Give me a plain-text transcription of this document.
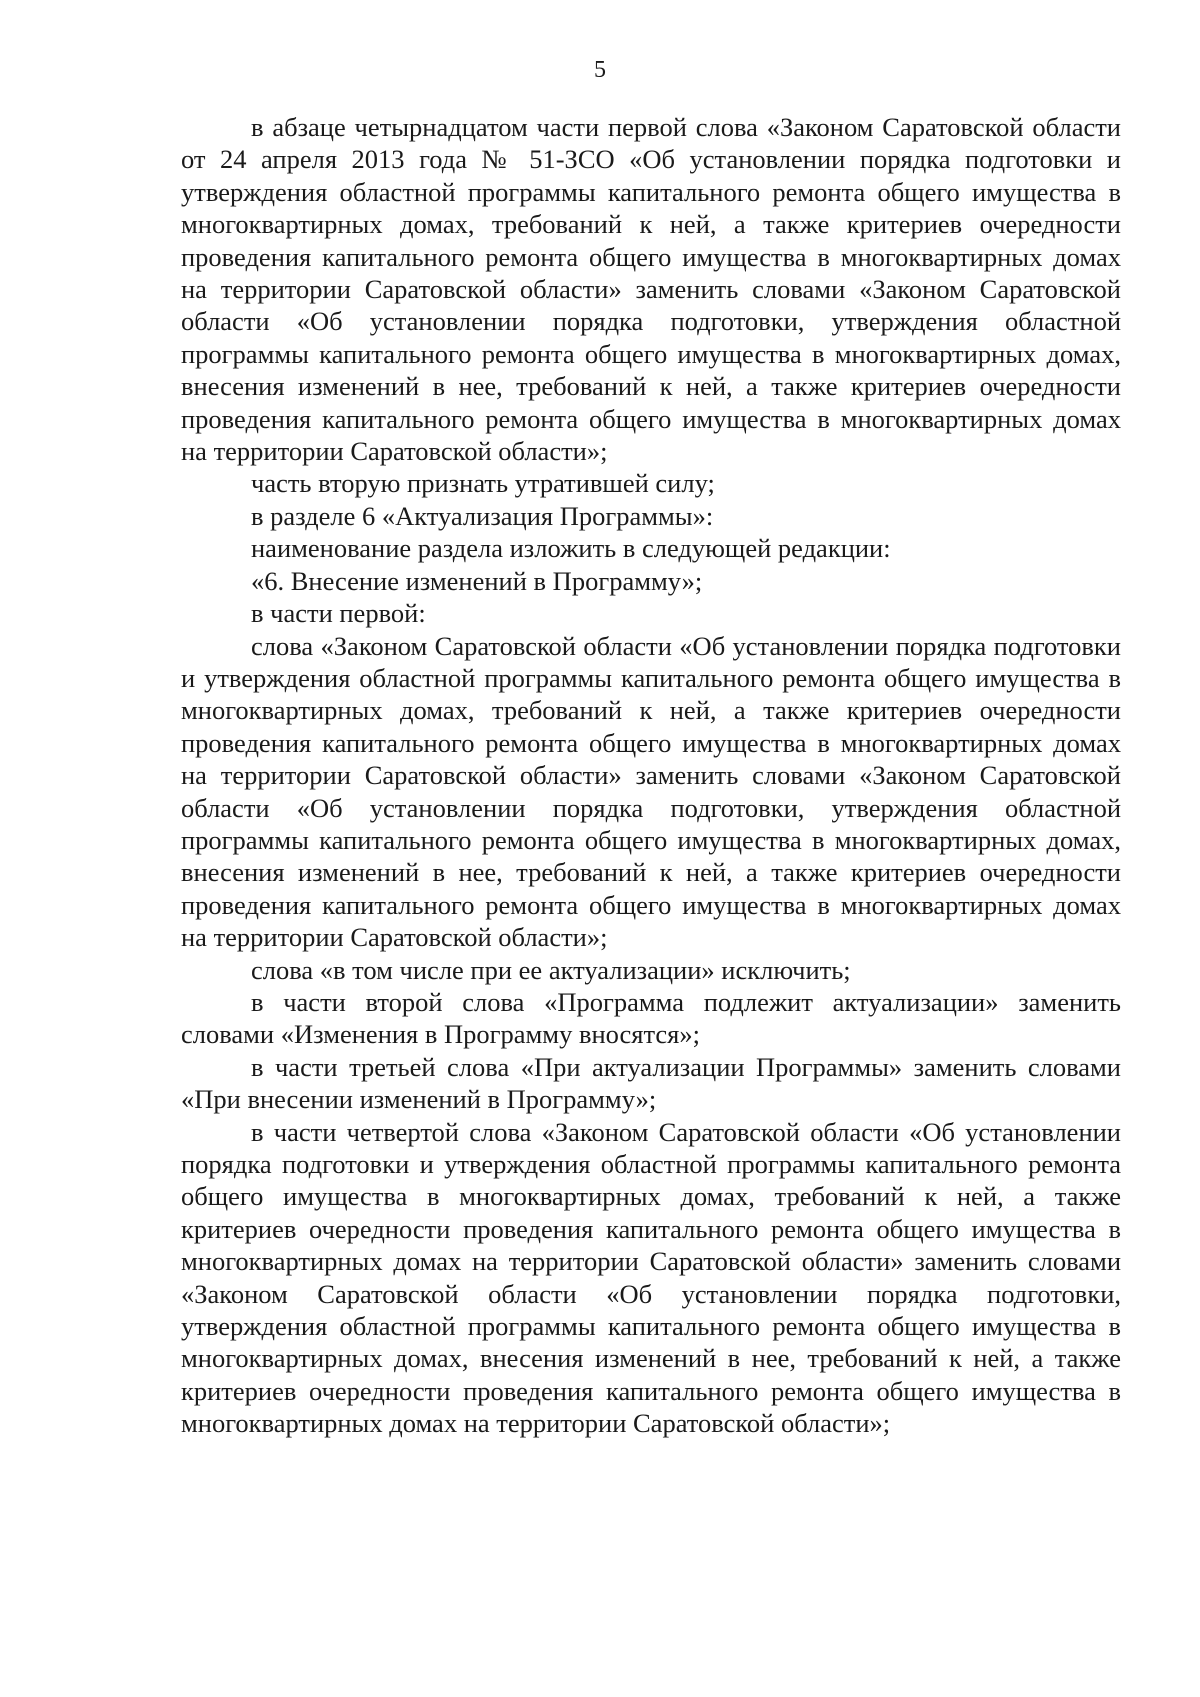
5

в абзаце четырнадцатом части первой слова «Законом Саратовской области от 24 апреля 2013 года № 51-ЗСО «Об установлении порядка подготовки и утверждения областной программы капитального ремонта общего имущества в многоквартирных домах, требований к ней, а также критериев очередности проведения капитального ремонта общего имущества в многоквартирных домах на территории Саратовской области» заменить словами «Законом Саратовской области «Об установлении порядка подготовки, утверждения областной программы капитального ремонта общего имущества в многоквартирных домах, внесения изменений в нее, требований к ней, а также критериев очередности проведения капитального ремонта общего имущества в многоквартирных домах на территории Саратовской области»;

часть вторую признать утратившей силу;

в разделе 6 «Актуализация Программы»:

наименование раздела изложить в следующей редакции:

«6. Внесение изменений в Программу»;

в части первой:

слова «Законом Саратовской области «Об установлении порядка подготовки и утверждения областной программы капитального ремонта общего имущества в многоквартирных домах, требований к ней, а также критериев очередности проведения капитального ремонта общего имущества в многоквартирных домах на территории Саратовской области» заменить словами «Законом Саратовской области «Об установлении порядка подготовки, утверждения областной программы капитального ремонта общего имущества в многоквартирных домах, внесения изменений в нее, требований к ней, а также критериев очередности проведения капитального ремонта общего имущества в многоквартирных домах на территории Саратовской области»;

слова «в том числе при ее актуализации» исключить;

в части второй слова «Программа подлежит актуализации» заменить словами «Изменения в Программу вносятся»;

в части третьей слова «При актуализации Программы» заменить словами «При внесении изменений в Программу»;

в части четвертой слова «Законом Саратовской области «Об установлении порядка подготовки и утверждения областной программы капитального ремонта общего имущества в многоквартирных домах, требований к ней, а также критериев очередности проведения капитального ремонта общего имущества в многоквартирных домах на территории Саратовской области» заменить словами «Законом Саратовской области «Об установлении порядка подготовки, утверждения областной программы капитального ремонта общего имущества в многоквартирных домах, внесения изменений в нее, требований к ней, а также критериев очередности проведения капитального ремонта общего имущества в многоквартирных домах на территории Саратовской области»;
